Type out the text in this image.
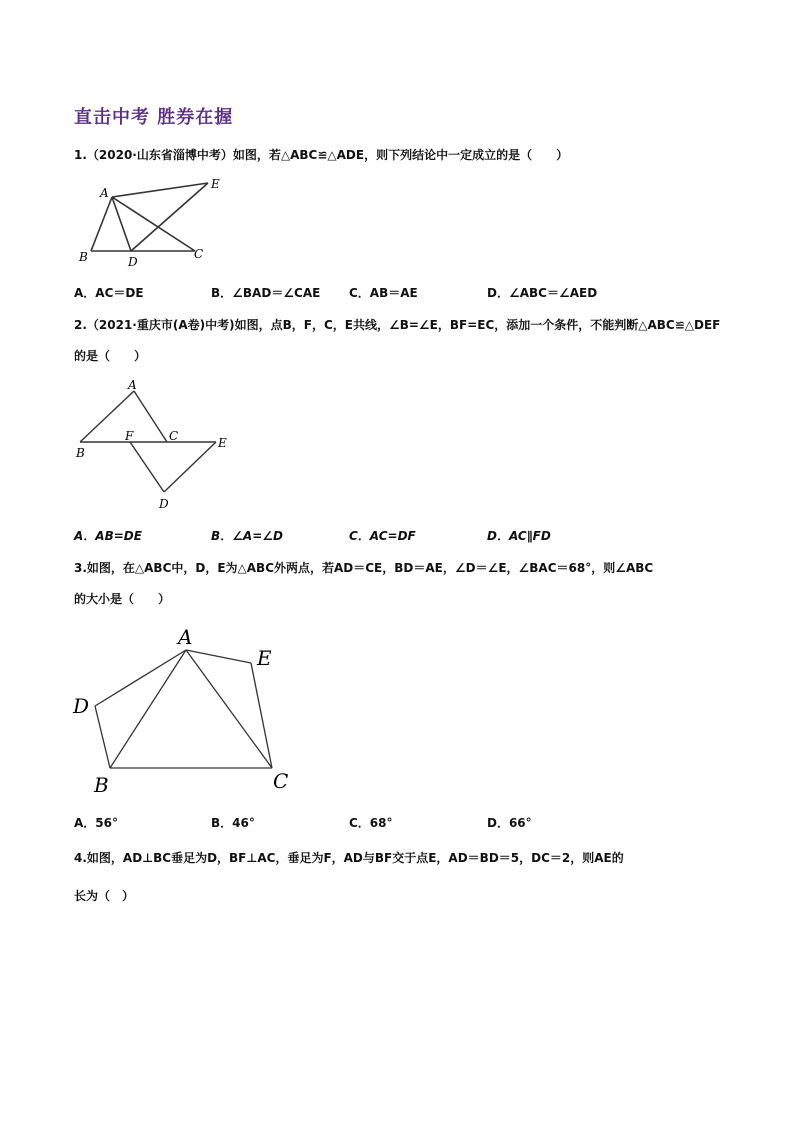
直击中考 胜券在握
1.（2020·山东省淄博中考）如图，若△ABC≌△ADE，则下列结论中一定成立的是（　　）
A
E
B	D
C
A．AC＝DE	B．∠BAD＝∠CAE C．AB＝AE	D．∠ABC＝∠AED
2.（2021·重庆市(A卷)中考)如图，点B，F，C，E共线，∠B=∠E，BF=EC，添加一个条件，不能判断△ABC≌△DEF
的是（　　）
A
F	C	E
B
D
A．AB=DE	B．∠A=∠D	C．AC=DF	D．AC∥FD
3.如图，在△ABC中，D，E为△ABC外两点，若AD＝CE，BD＝AE，∠D＝∠E，∠BAC＝68°，则∠ABC
的大小是（　　）
A
E
D
B	C
A．56°	B．46°	C．68°	D．66°
4.如图，AD⊥BC垂足为D，BF⊥AC，垂足为F，AD与BF交于点E，AD＝BD＝5，DC＝2，则AE的
长为（　）
